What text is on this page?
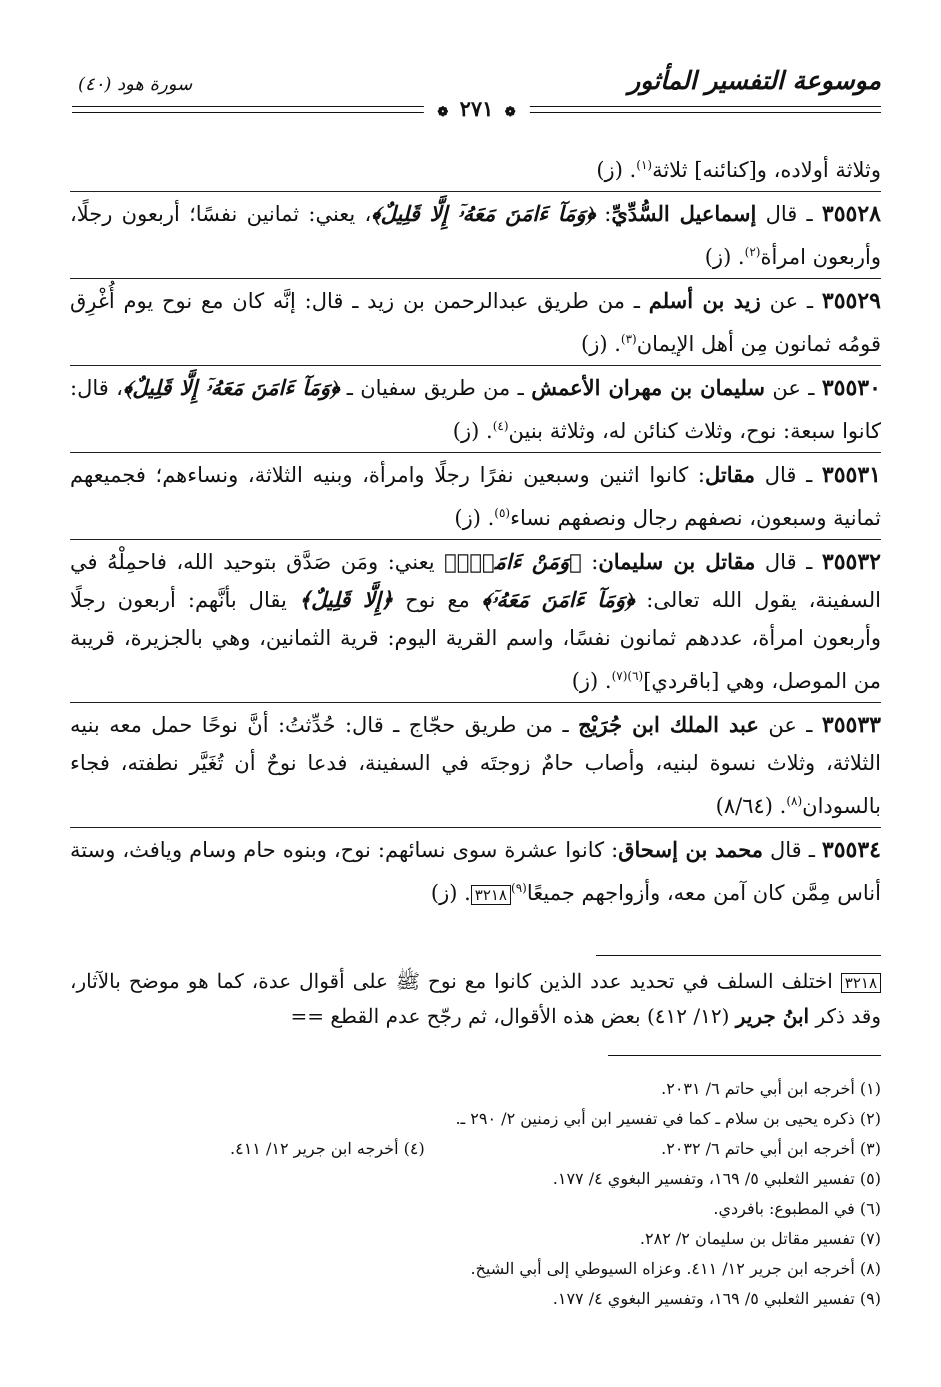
موسوعة التفسير المأثور
سورة هود (٤٠)
❁ ٢٧١ ❁
وثلاثة أولاده، و[كنائنه] ثلاثة$^{(١)}$. (ز)
٣٥٥٢٨ ـ قال إسماعيل السُّدِّيِّ: ﴿وَمَآ ءَامَنَ مَعَهُۥٓ إِلَّا قَلِيلٌ﴾، يعني: ثمانين نفسًا؛ أربعون رجلًا، وأربعون امرأة$^{(٢)}$. (ز)
٣٥٥٢٩ ـ عن زيد بن أسلم ـ من طريق عبدالرحمن بن زيد ـ قال: إنَّه كان مع نوح يوم أُغْرِق قومُه ثمانون مِن أهل الإيمان$^{(٣)}$. (ز)
٣٥٥٣٠ ـ عن سليمان بن مهران الأعمش ـ من طريق سفيان ـ ﴿وَمَآ ءَامَنَ مَعَهُۥٓ إِلَّا قَلِيلٌ﴾، قال: كانوا سبعة: نوح، وثلاث كنائن له، وثلاثة بنين$^{(٤)}$. (ز)
٣٥٥٣١ ـ قال مقاتل: كانوا اثنين وسبعين نفرًا رجلًا وامرأة، وبنيه الثلاثة، ونساءهم؛ فجميعهم ثمانية وسبعون، نصفهم رجال ونصفهم نساء$^{(٥)}$. (ز)
٣٥٥٣٢ ـ قال مقاتل بن سليمان: ﴿وَمَنْ ءَامَنَۚ﴾ يعني: ومَن صَدَّق بتوحيد الله، فاحمِلْهُ في السفينة، يقول الله تعالى: ﴿وَمَآ ءَامَنَ مَعَهُۥٓ﴾ مع نوح ﴿إِلَّا قَلِيلٌ﴾ يقال بأنَّهم: أربعون رجلًا وأربعون امرأة، عددهم ثمانون نفسًا، واسم القرية اليوم: قرية الثمانين، وهي بالجزيرة، قريبة من الموصل، وهي [باقردي]$^{(٦)(٧)}$. (ز)
٣٥٥٣٣ ـ عن عبد الملك ابن جُرَيْج ـ من طريق حجّاج ـ قال: حُدِّثتُ: أنَّ نوحًا حمل معه بنيه الثلاثة، وثلاث نسوة لبنيه، وأصاب حامٌ زوجتَه في السفينة، فدعا نوحٌ أن تُغَيَّر نطفته، فجاء بالسودان$^{(٨)}$. (٨/٦٤)
٣٥٥٣٤ ـ قال محمد بن إسحاق: كانوا عشرة سوى نسائهم: نوح، وبنوه حام وسام ويافث، وستة أناس مِمَّن كان آمن معه، وأزواجهم جميعًا$^{(٩)}$٣٢١٨. (ز)
٣٢١٨ اختلف السلف في تحديد عدد الذين كانوا مع نوح ﷺ على أقوال عدة، كما هو موضح بالآثار، وقد ذكر ابنُ جرير (١٢/ ٤١٢) بعض هذه الأقوال، ثم رجّح عدم القطع ==

(١) أخرجه ابن أبي حاتم ٦/ ٢٠٣١.

(٢) ذكره يحيى بن سلام ـ كما في تفسير ابن أبي زمنين ٢/ ٢٩٠ ـ.

(٣) أخرجه ابن أبي حاتم ٦/ ٢٠٣٢.
(٤) أخرجه ابن جرير ١٢/ ٤١١.

(٥) تفسير الثعلبي ٥/ ١٦٩، وتفسير البغوي ٤/ ١٧٧.

(٦) في المطبوع: بافردي.

(٧) تفسير مقاتل بن سليمان ٢/ ٢٨٢.

(٨) أخرجه ابن جرير ١٢/ ٤١١. وعزاه السيوطي إلى أبي الشيخ.

(٩) تفسير الثعلبي ٥/ ١٦٩، وتفسير البغوي ٤/ ١٧٧.
